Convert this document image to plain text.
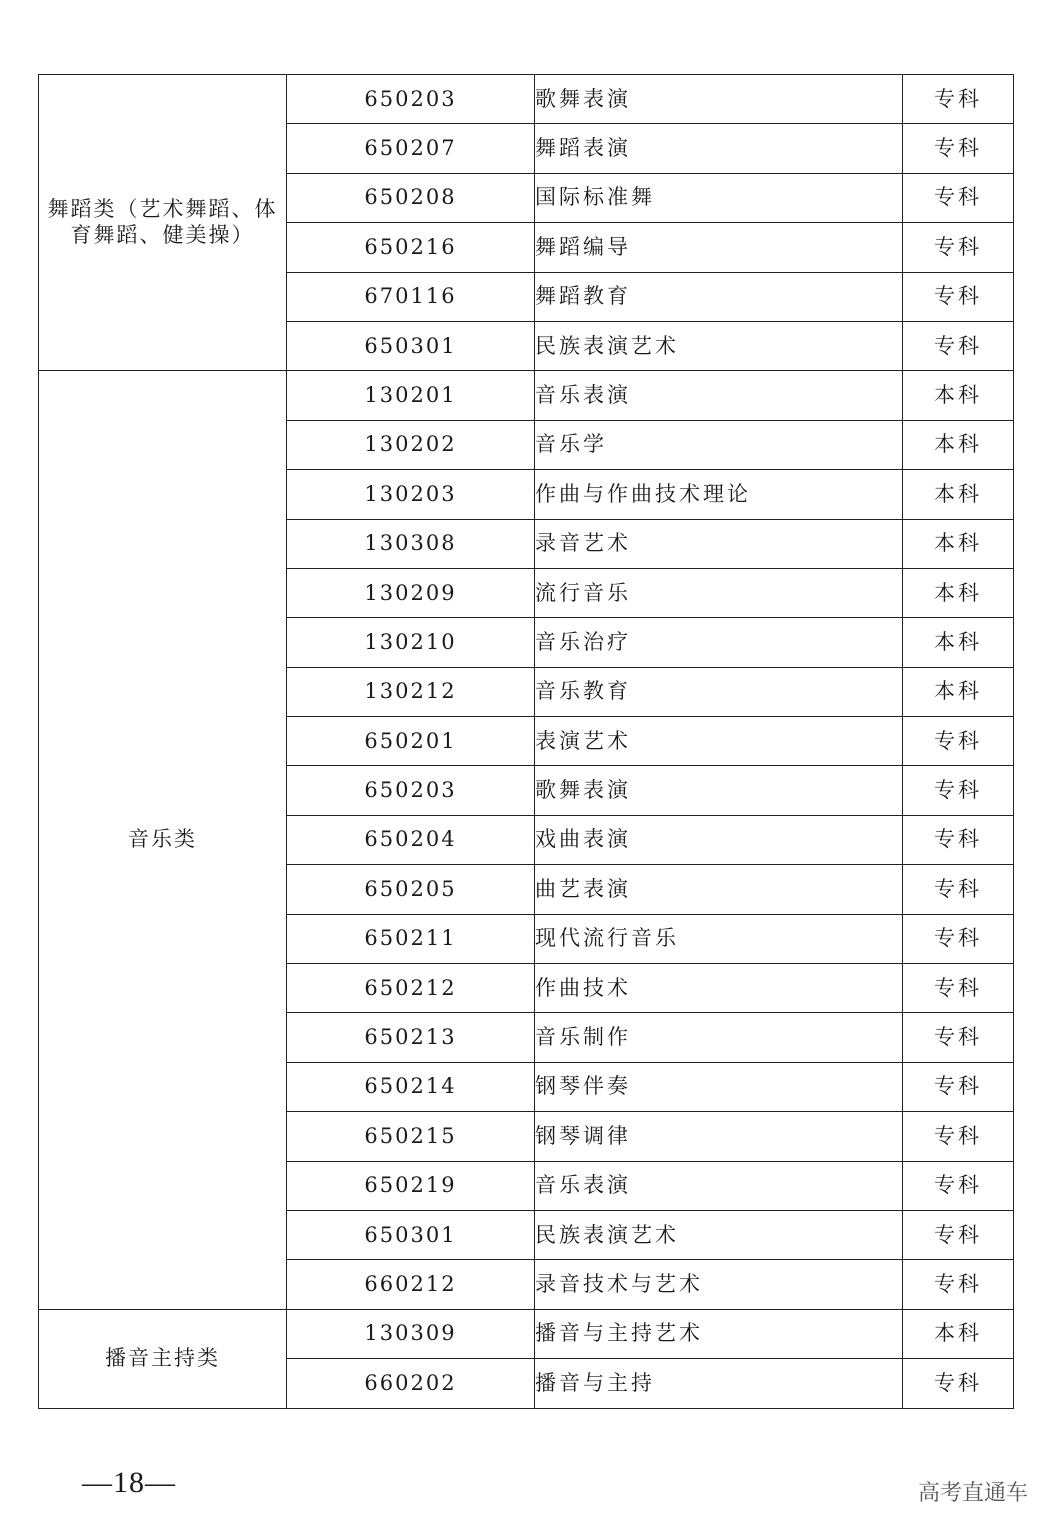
舞蹈类（艺术舞蹈、体育舞蹈、健美操）	650203	歌舞表演	专科
	650207	舞蹈表演	专科
	650208	国际标准舞	专科
	650216	舞蹈编导	专科
	670116	舞蹈教育	专科
	650301	民族表演艺术	专科
音乐类	130201	音乐表演	本科
	130202	音乐学	本科
	130203	作曲与作曲技术理论	本科
	130308	录音艺术	本科
	130209	流行音乐	本科
	130210	音乐治疗	本科
	130212	音乐教育	本科
	650201	表演艺术	专科
	650203	歌舞表演	专科
	650204	戏曲表演	专科
	650205	曲艺表演	专科
	650211	现代流行音乐	专科
	650212	作曲技术	专科
	650213	音乐制作	专科
	650214	钢琴伴奏	专科
	650215	钢琴调律	专科
	650219	音乐表演	专科
	650301	民族表演艺术	专科
	660212	录音技术与艺术	专科
播音主持类	130309	播音与主持艺术	本科
	660202	播音与主持	专科
—18—	高考直通车
